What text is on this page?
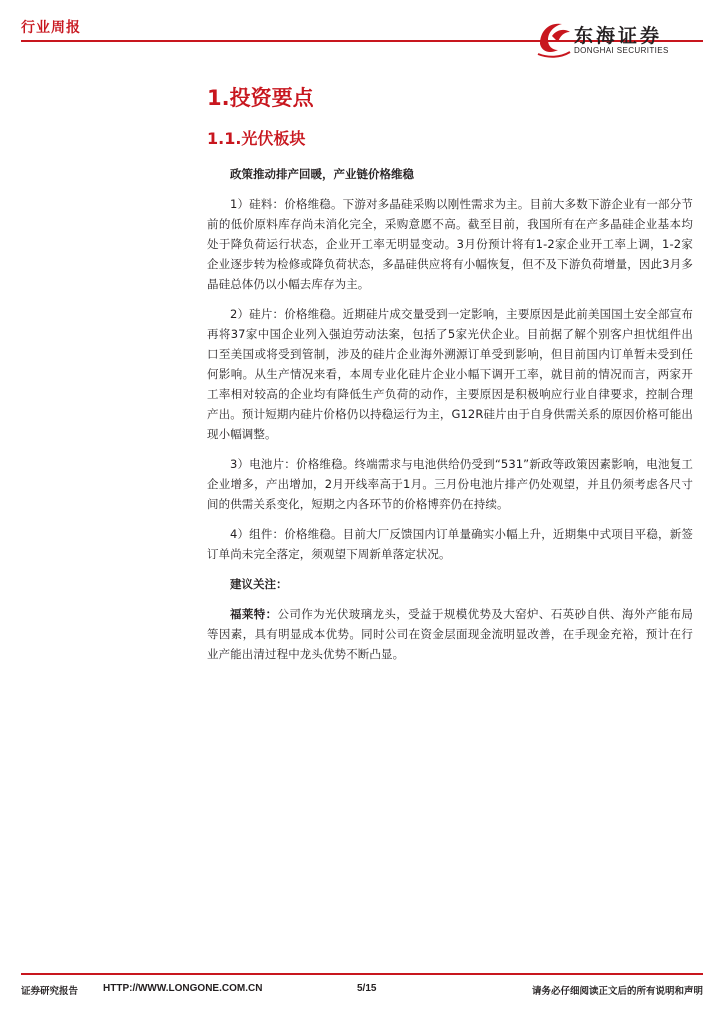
行业周报	东海证券
DONGHAI SECURITIES
1.投资要点
1.1.光伏板块
政策推动排产回暖，产业链价格维稳

1）硅料：价格维稳。下游对多晶硅采购以刚性需求为主。目前大多数下游企业有一部分节前的低价原料库存尚未消化完全，采购意愿不高。截至目前，我国所有在产多晶硅企业基本均处于降负荷运行状态，企业开工率无明显变动。3月份预计将有1-2家企业开工率上调，1-2家企业逐步转为检修或降负荷状态，多晶硅供应将有小幅恢复，但不及下游负荷增量，因此3月多晶硅总体仍以小幅去库存为主。

2）硅片：价格维稳。近期硅片成交量受到一定影响，主要原因是此前美国国土安全部宣布再将37家中国企业列入强迫劳动法案，包括了5家光伏企业。目前据了解个别客户担忧组件出口至美国或将受到管制，涉及的硅片企业海外溯源订单受到影响，但目前国内订单暂未受到任何影响。从生产情况来看，本周专业化硅片企业小幅下调开工率，就目前的情况而言，两家开工率相对较高的企业均有降低生产负荷的动作，主要原因是积极响应行业自律要求，控制合理产出。预计短期内硅片价格仍以持稳运行为主，G12R硅片由于自身供需关系的原因价格可能出现小幅调整。

3）电池片：价格维稳。终端需求与电池供给仍受到“531”新政等政策因素影响，电池复工企业增多，产出增加，2月开线率高于1月。三月份电池片排产仍处观望，并且仍须考虑各尺寸间的供需关系变化，短期之内各环节的价格博弈仍在持续。

4）组件：价格维稳。目前大厂反馈国内订单量确实小幅上升，近期集中式项目平稳，新签订单尚未完全落定，须观望下周新单落定状况。

建议关注：

福莱特：公司作为光伏玻璃龙头，受益于规模优势及大窑炉、石英砂自供、海外产能布局等因素，具有明显成本优势。同时公司在资金层面现金流明显改善，在手现金充裕，预计在行业产能出清过程中龙头优势不断凸显。

证券研究报告 HTTP://WWW.LONGONE.COM.CN	5/15	请务必仔细阅读正文后的所有说明和声明
